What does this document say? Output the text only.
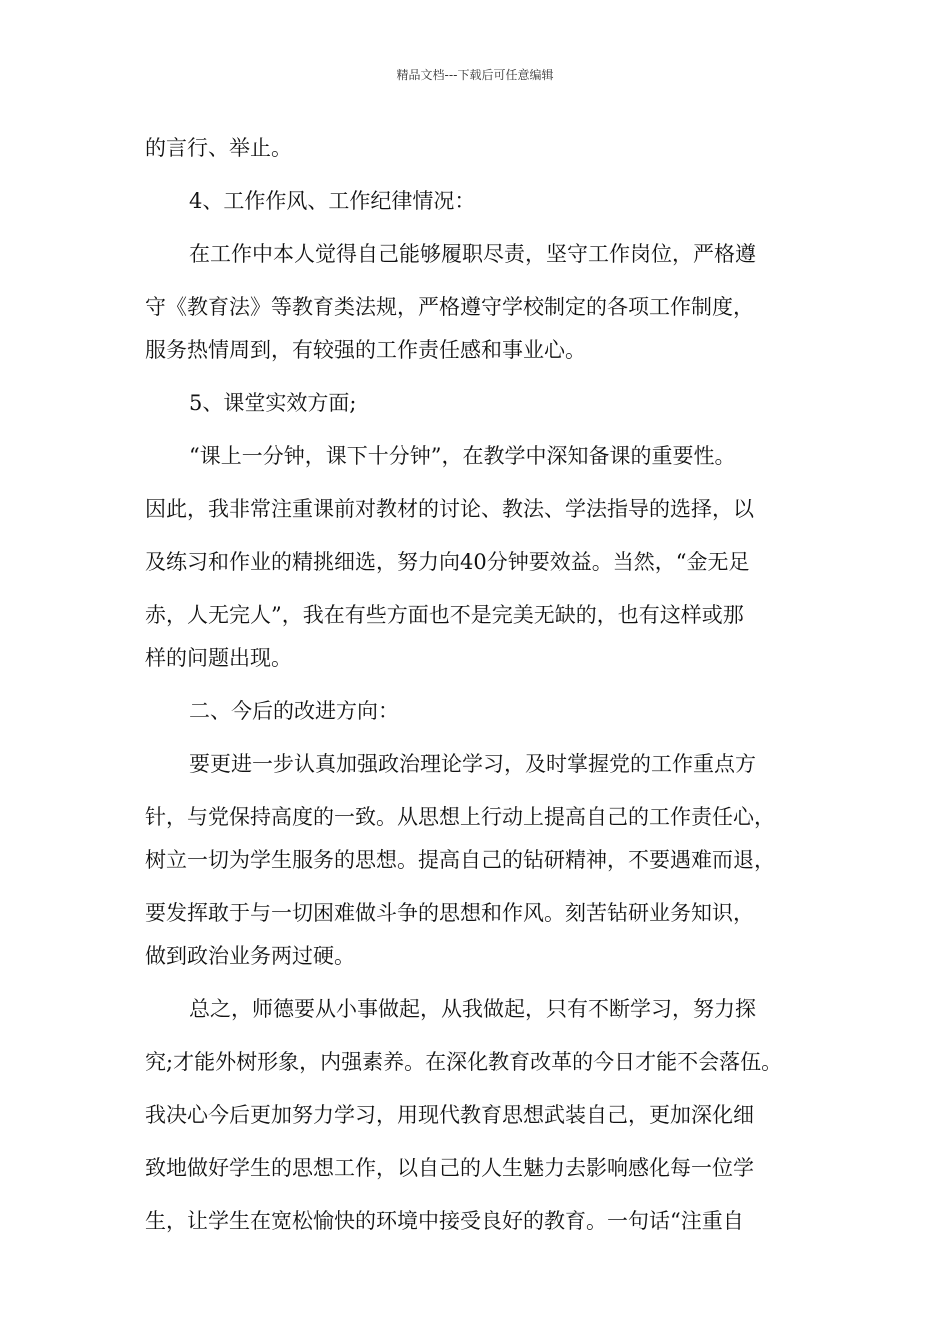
精品文档---下载后可任意编辑

的言行、举止。

4、工作作风、工作纪律情况：

在工作中本人觉得自己能够履职尽责，坚守工作岗位，严格遵

守《教育法》等教育类法规，严格遵守学校制定的各项工作制度，

服务热情周到，有较强的工作责任感和事业心。

5、课堂实效方面;

“课上一分钟，课下十分钟”，在教学中深知备课的重要性。

因此，我非常注重课前对教材的讨论、教法、学法指导的选择，以

及练习和作业的精挑细选，努力向40分钟要效益。当然，“金无足

赤，人无完人”，我在有些方面也不是完美无缺的，也有这样或那

样的问题出现。

二、今后的改进方向：

要更进一步认真加强政治理论学习，及时掌握党的工作重点方

针，与党保持高度的一致。从思想上行动上提高自己的工作责任心，

树立一切为学生服务的思想。提高自己的钻研精神，不要遇难而退，

要发挥敢于与一切困难做斗争的思想和作风。刻苦钻研业务知识，

做到政治业务两过硬。

总之，师德要从小事做起，从我做起，只有不断学习，努力探

究;才能外树形象，内强素养。在深化教育改革的今日才能不会落伍。

我决心今后更加努力学习，用现代教育思想武装自己，更加深化细

致地做好学生的思想工作，以自己的人生魅力去影响感化每一位学

生，让学生在宽松愉快的环境中接受良好的教育。一句话“注重自
